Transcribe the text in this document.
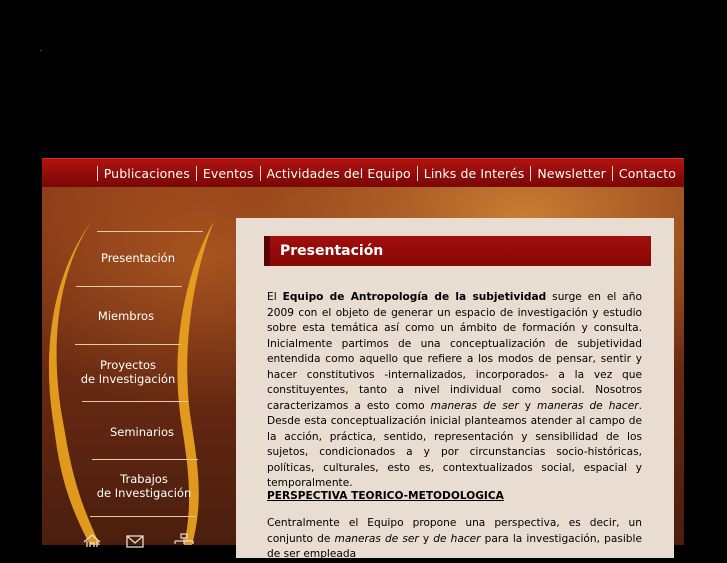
Publicaciones	Eventos	Actividades del Equipo	Links de Interés	Newsletter	Contacto
Presentación
Miembros
Proyectos
de Investigación
Seminarios
Trabajos
de Investigación
Presentación
El Equipo de Antropología de la subjetividad surge en el año 2009 con el objeto de generar un espacio de investigación y estudio sobre esta temática así como un ámbito de formación y consulta. Inicialmente partimos de una conceptualización de subjetividad entendida como aquello que refiere a los modos de pensar, sentir y hacer constitutivos -internalizados, incorporados- a la vez que constituyentes, tanto a nivel individual como social. Nosotros caracterizamos a esto como maneras de ser y maneras de hacer. Desde esta conceptualización inicial planteamos atender al campo de la acción, práctica, sentido, representación y sensibilidad de los sujetos, condicionados a y por circunstancias socio-históricas, políticas, culturales, esto es, contextualizados social, espacial y temporalmente.
PERSPECTIVA TEORICO-METODOLOGICA
Centralmente el Equipo propone una perspectiva, es decir, un conjunto de maneras de ser y de hacer para la investigación, pasible de ser empleada
